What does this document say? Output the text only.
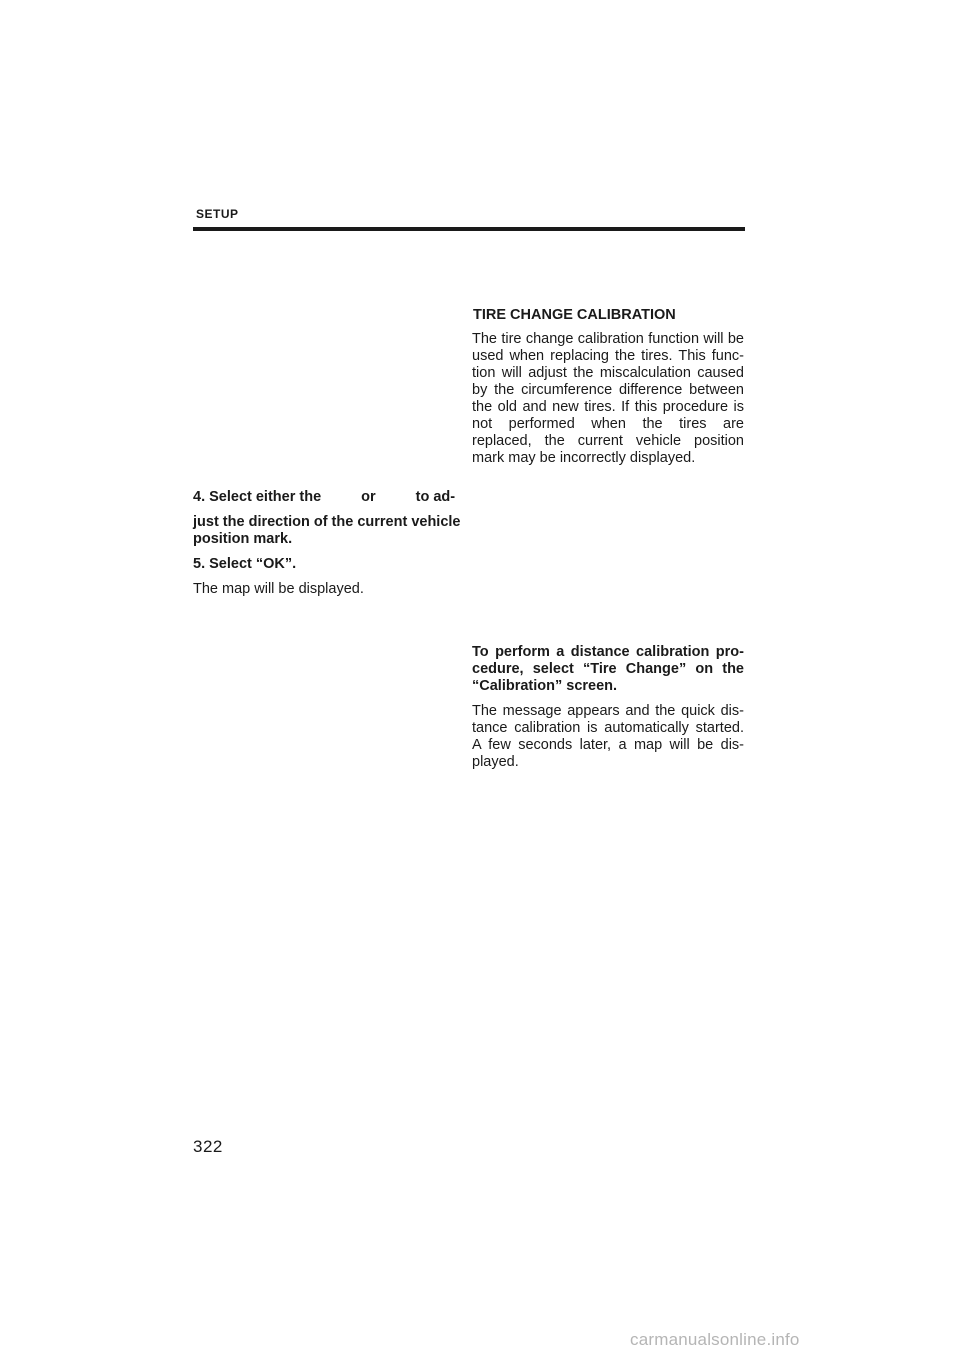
SETUP

4. Select either the	or	to ad-

just the direction of the current vehicle position mark.

5. Select “OK”.

The map will be displayed.

TIRE CHANGE CALIBRATION

The tire change calibration function will be used when replacing the tires. This func- tion will adjust the miscalculation caused by the circumference difference between the old and new tires. If this procedure is not performed when the tires are replaced, the current vehicle position mark may be incorrectly displayed.

To perform a distance calibration pro- cedure, select “Tire Change” on the “Calibration” screen.

The message appears and the quick dis- tance calibration is automatically started. A few seconds later, a map will be dis- played.

322
carmanualsonline.info
